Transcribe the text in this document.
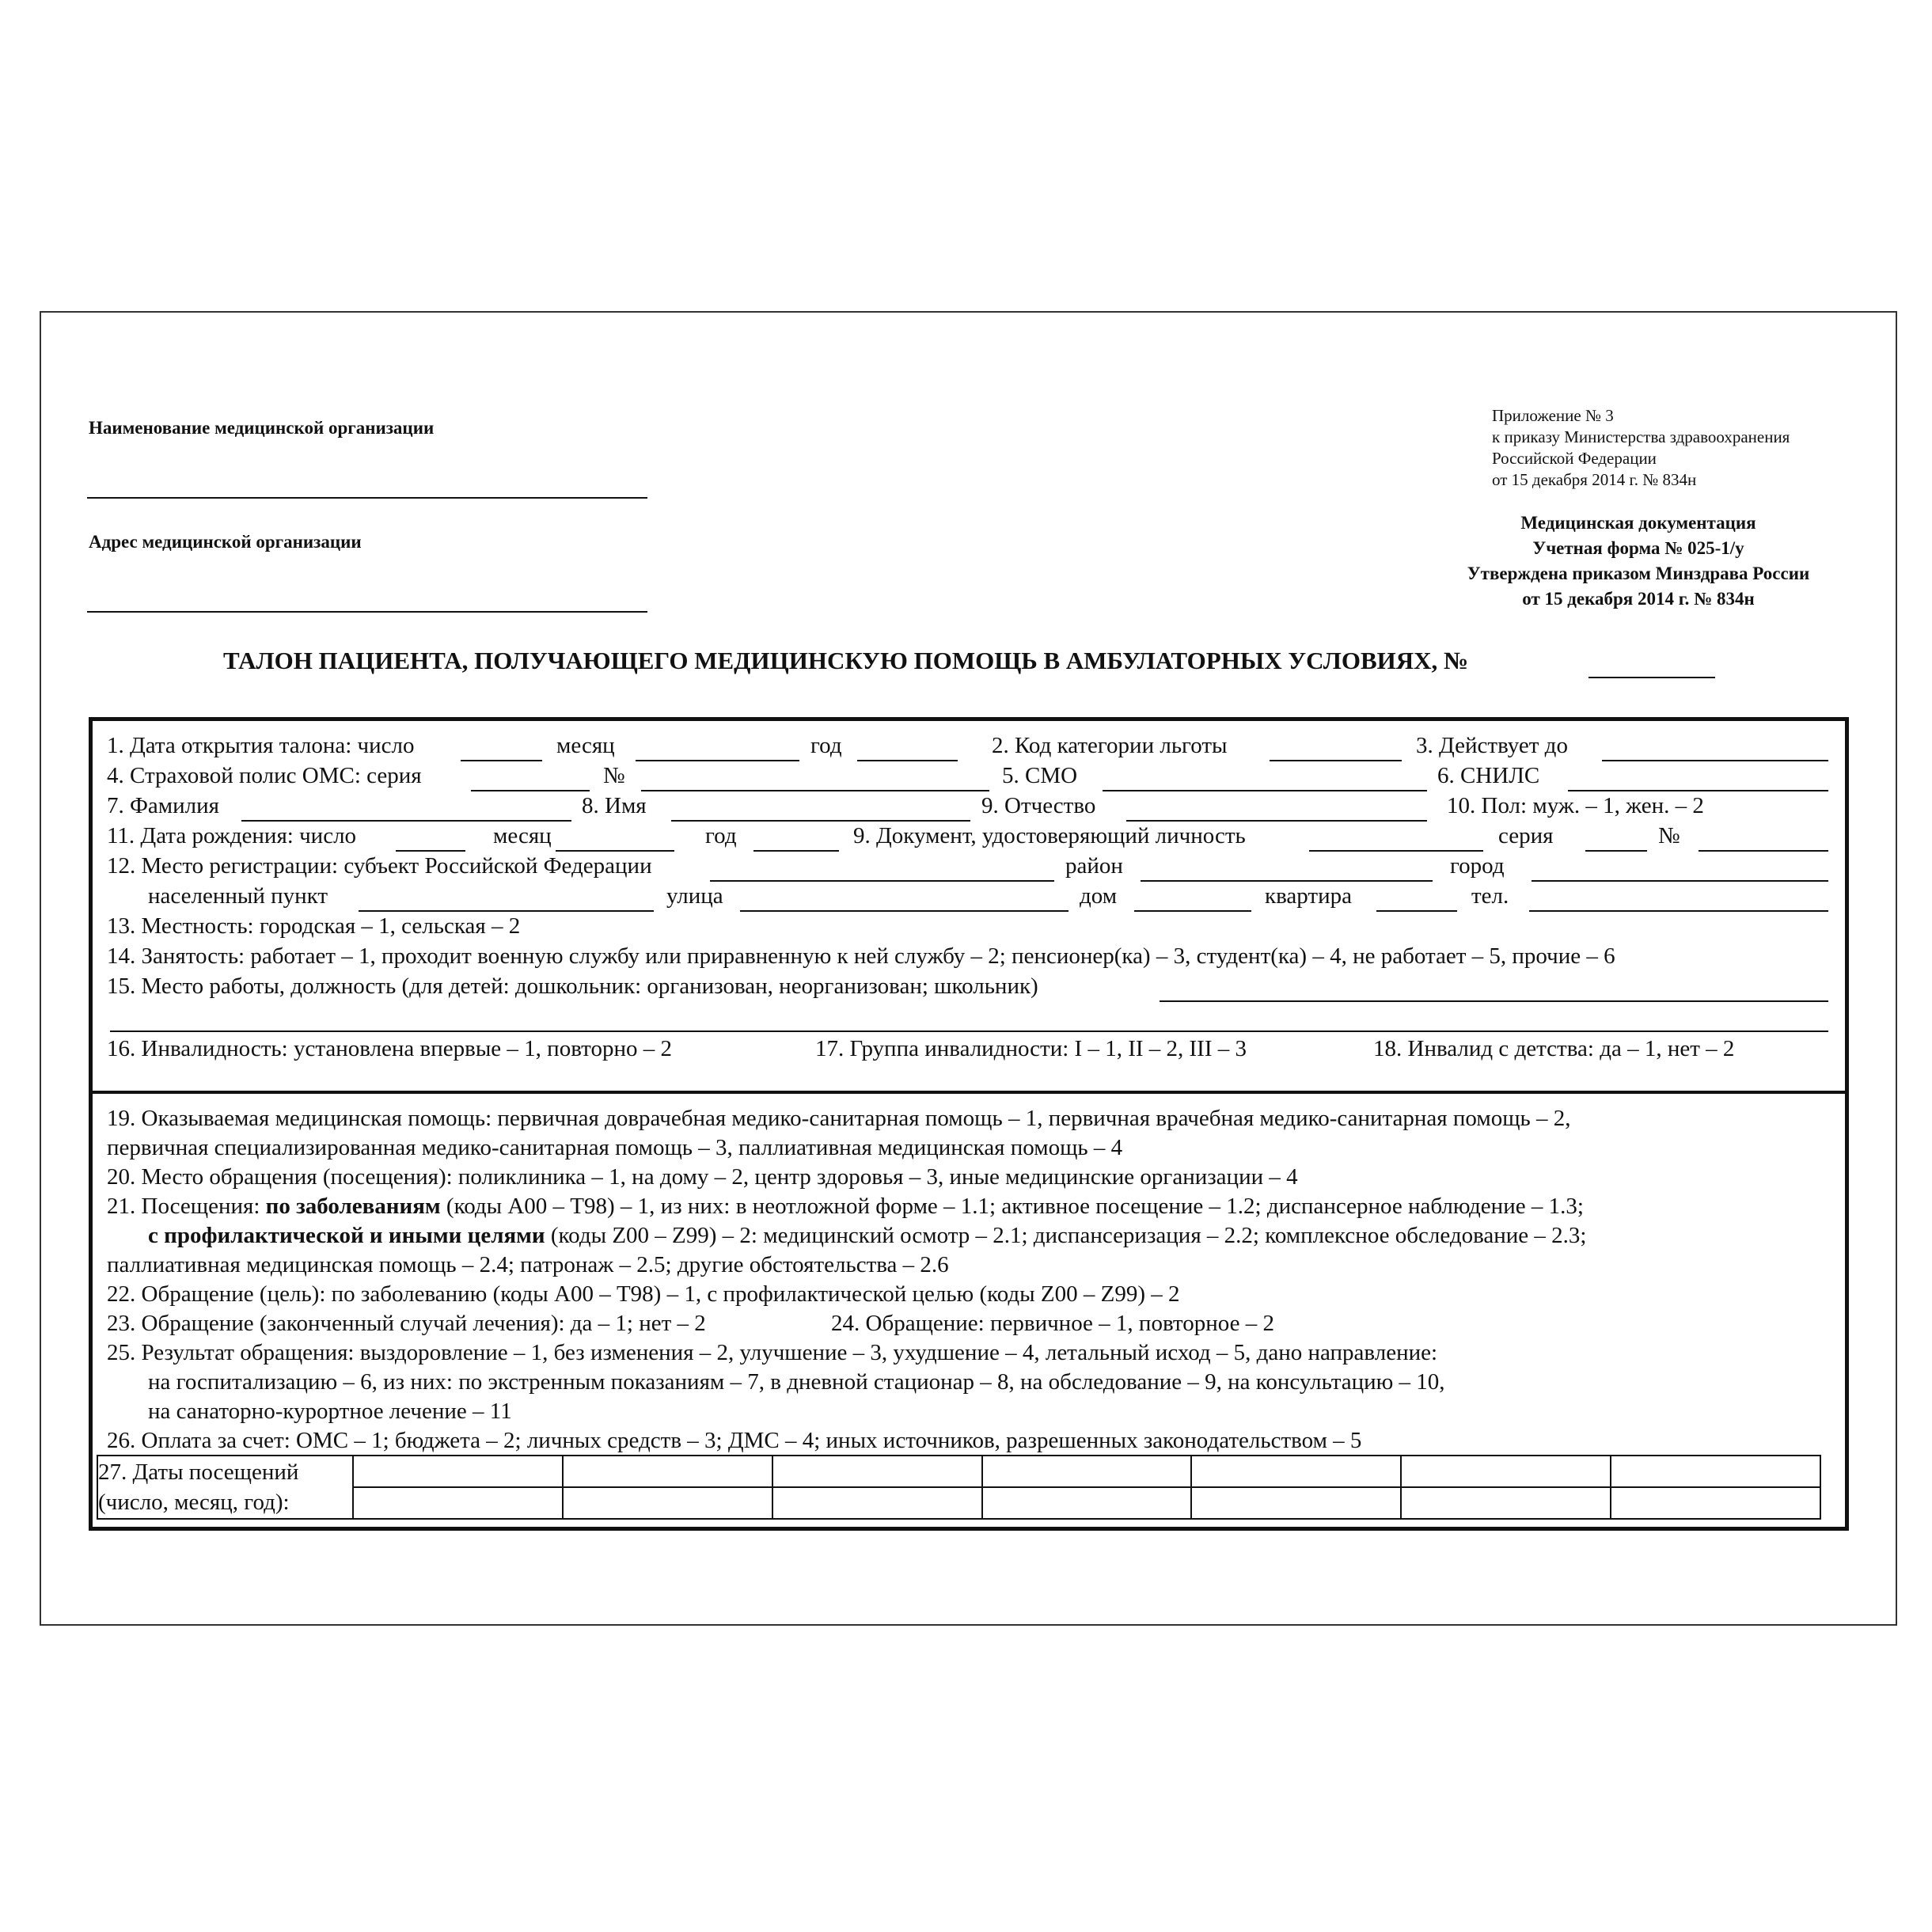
Наименование медицинской организации
Адрес медицинской организации
Приложение № 3
к приказу Министерства здравоохранения
Российской Федерации
от 15 декабря 2014 г. № 834н
Медицинская документация
Учетная форма № 025-1/у
Утверждена приказом Минздрава России
от 15 декабря 2014 г. № 834н
ТАЛОН ПАЦИЕНТА, ПОЛУЧАЮЩЕГО МЕДИЦИНСКУЮ ПОМОЩЬ В АМБУЛАТОРНЫХ УСЛОВИЯХ, №
1. Дата открытия талона: число	месяц	год	2. Код категории льготы	3. Действует до
4. Страховой полис ОМС: серия	№	5. СМО	6. СНИЛС
7. Фамилия	8. Имя	9. Отчество	10. Пол: муж. – 1, жен. – 2
11. Дата рождения: число	месяц	год	9. Документ, удостоверяющий личность	серия	№
12. Место регистрации: субъект Российской Федерации	район	город
населенный пункт	улица	дом	квартира	тел.
13. Местность: городская – 1, сельская – 2
14. Занятость: работает – 1, проходит военную службу или приравненную к ней службу – 2; пенсионер(ка) – 3, студент(ка) – 4, не работает – 5, прочие – 6
15. Место работы, должность (для детей: дошкольник: организован, неорганизован; школьник)
16. Инвалидность: установлена впервые – 1, повторно – 2	17. Группа инвалидности: I – 1, II – 2, III – 3	18. Инвалид с детства: да – 1, нет – 2
19. Оказываемая медицинская помощь: первичная доврачебная медико-санитарная помощь – 1, первичная врачебная медико-санитарная помощь – 2,
первичная специализированная медико-санитарная помощь – 3, паллиативная медицинская помощь – 4
20. Место обращения (посещения): поликлиника – 1, на дому – 2, центр здоровья – 3, иные медицинские организации – 4
21. Посещения: по заболеваниям (коды А00 – Т98) – 1, из них: в неотложной форме – 1.1; активное посещение – 1.2; диспансерное наблюдение – 1.3;
с профилактической и иными целями (коды Z00 – Z99) – 2: медицинский осмотр – 2.1; диспансеризация – 2.2; комплексное обследование – 2.3;
паллиативная медицинская помощь – 2.4; патронаж – 2.5; другие обстоятельства – 2.6
22. Обращение (цель): по заболеванию (коды А00 – Т98) – 1, с профилактической целью (коды Z00 – Z99) – 2
23. Обращение (законченный случай лечения): да – 1; нет – 2	24. Обращение: первичное – 1, повторное – 2
25. Результат обращения: выздоровление – 1, без изменения – 2, улучшение – 3, ухудшение – 4, летальный исход – 5, дано направление:
на госпитализацию – 6, из них: по экстренным показаниям – 7, в дневной стационар – 8, на обследование – 9, на консультацию – 10,
на санаторно-курортное лечение – 11
26. Оплата за счет: ОМС – 1; бюджета – 2; личных средств – 3; ДМС – 4; иных источников, разрешенных законодательством – 5
27. Даты посещений
(число, месяц, год):							
